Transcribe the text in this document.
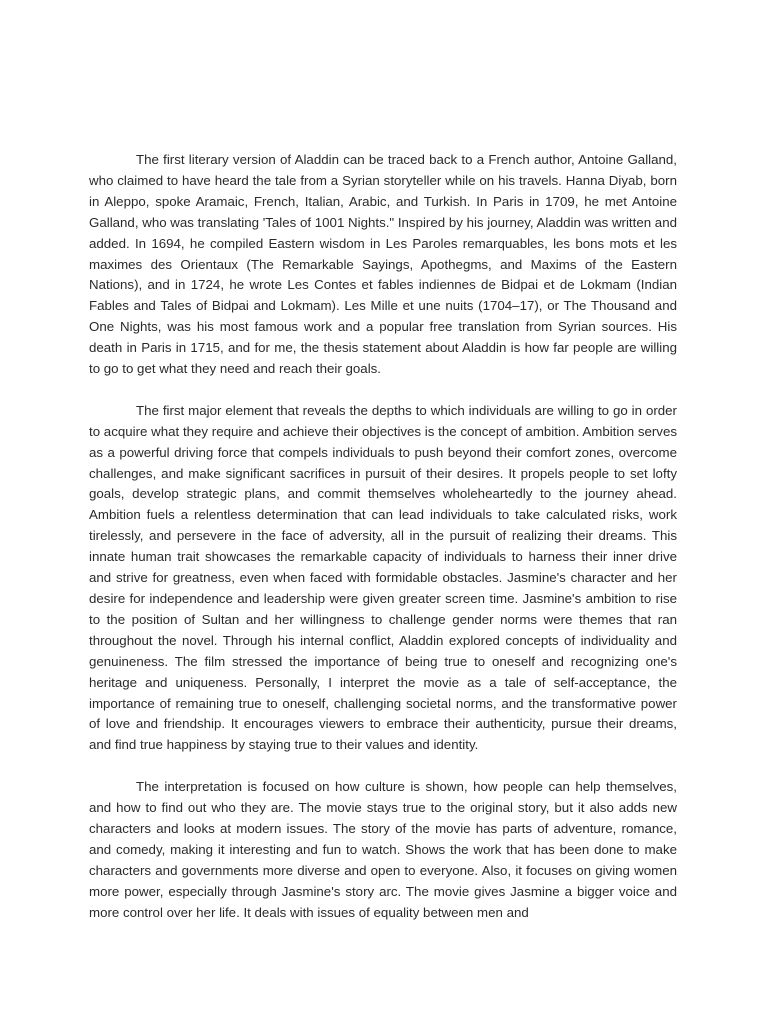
The first literary version of Aladdin can be traced back to a French author, Antoine Galland, who claimed to have heard the tale from a Syrian storyteller while on his travels. Hanna Diyab, born in Aleppo, spoke Aramaic, French, Italian, Arabic, and Turkish. In Paris in 1709, he met Antoine Galland, who was translating 'Tales of 1001 Nights." Inspired by his journey, Aladdin was written and added. In 1694, he compiled Eastern wisdom in Les Paroles remarquables, les bons mots et les maximes des Orientaux (The Remarkable Sayings, Apothegms, and Maxims of the Eastern Nations), and in 1724, he wrote Les Contes et fables indiennes de Bidpai et de Lokmam (Indian Fables and Tales of Bidpai and Lokmam). Les Mille et une nuits (1704–17), or The Thousand and One Nights, was his most famous work and a popular free translation from Syrian sources. His death in Paris in 1715, and for me, the thesis statement about Aladdin is how far people are willing to go to get what they need and reach their goals.

The first major element that reveals the depths to which individuals are willing to go in order to acquire what they require and achieve their objectives is the concept of ambition. Ambition serves as a powerful driving force that compels individuals to push beyond their comfort zones, overcome challenges, and make significant sacrifices in pursuit of their desires. It propels people to set lofty goals, develop strategic plans, and commit themselves wholeheartedly to the journey ahead. Ambition fuels a relentless determination that can lead individuals to take calculated risks, work tirelessly, and persevere in the face of adversity, all in the pursuit of realizing their dreams. This innate human trait showcases the remarkable capacity of individuals to harness their inner drive and strive for greatness, even when faced with formidable obstacles. Jasmine's character and her desire for independence and leadership were given greater screen time. Jasmine's ambition to rise to the position of Sultan and her willingness to challenge gender norms were themes that ran throughout the novel. Through his internal conflict, Aladdin explored concepts of individuality and genuineness. The film stressed the importance of being true to oneself and recognizing one's heritage and uniqueness. Personally, I interpret the movie as a tale of self-acceptance, the importance of remaining true to oneself, challenging societal norms, and the transformative power of love and friendship. It encourages viewers to embrace their authenticity, pursue their dreams, and find true happiness by staying true to their values and identity.

The interpretation is focused on how culture is shown, how people can help themselves, and how to find out who they are. The movie stays true to the original story, but it also adds new characters and looks at modern issues. The story of the movie has parts of adventure, romance, and comedy, making it interesting and fun to watch. Shows the work that has been done to make characters and governments more diverse and open to everyone. Also, it focuses on giving women more power, especially through Jasmine's story arc. The movie gives Jasmine a bigger voice and more control over her life. It deals with issues of equality between men and
